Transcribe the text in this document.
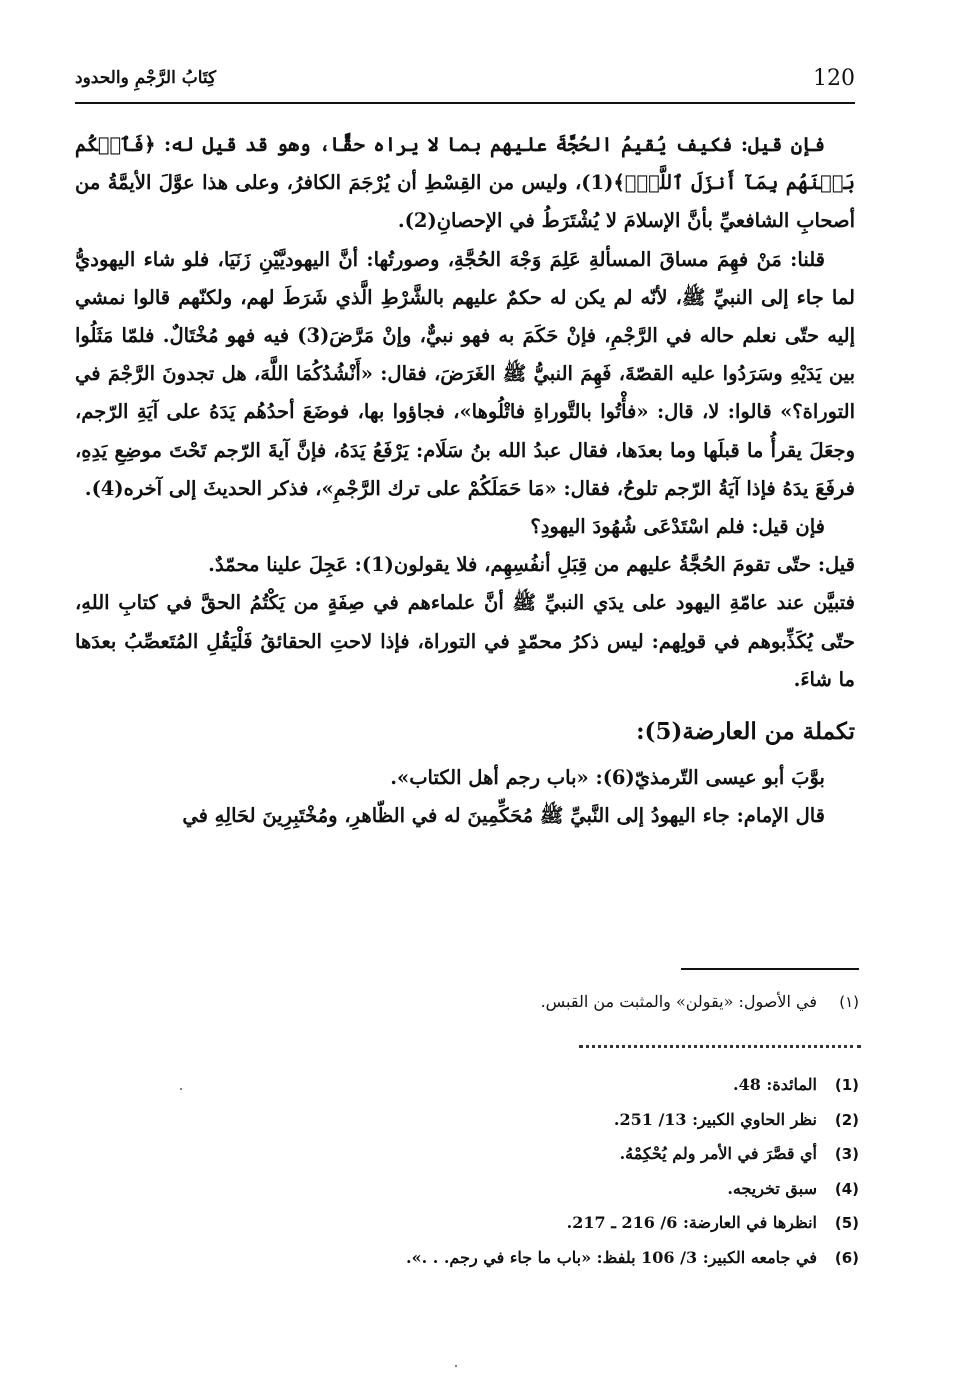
120
كِتَابُ الرَّجْمِ والحدود

فإن قيل: فكيف يُقيمُ الحُجَّةَ عليهم بما لا يراه حقًّا، وهو قد قيل له: ﴿فَٱحۡكُم بَيۡنَهُم بِمَآ أَنزَلَ ٱللَّهُۖ﴾(1)، وليس من القِسْطِ أن يُرْجَمَ الكافرُ، وعلى هذا عوَّلَ الأيمَّةُ من أصحابِ الشافعيِّ بأنَّ الإسلامَ لا يُشْتَرَطُ في الإحصانِ(2).

قلنا: مَنْ فهِمَ مساقَ المسألةِ عَلِمَ وَجْهَ الحُجَّةِ، وصورتُها: أنَّ اليهوديَّيْنِ زَنَيَا، فلو شاء اليهوديُّ لما جاء إلى النبيِّ ﷺ، لأنّه لم يكن له حكمٌ عليهم بالشَّرْطِ الَّذي شَرَطَ لهم، ولكنّهم قالوا نمشي إليه حتّى نعلم حاله في الرَّجْمِ، فإنْ حَكَمَ به فهو نبيٌّ، وإنْ مَرَّضَ(3) فيه فهو مُخْتَالٌ. فلمّا مَثَلُوا بين يَدَيْهِ وسَرَدُوا عليه القصّةَ، فَهِمَ النبيُّ ﷺ الغَرَضَ، فقال: «أَنْشُدُكُمَا اللَّهَ، هل تجدونَ الرَّجْمَ في التوراة؟» قالوا: لا، قال: «فأْتُوا بالتَّوراةِ فاتْلُوها»، فجاؤوا بها، فوضَعَ أحدُهُم يَدَهُ على آيَةِ الرّجم، وجعَلَ يقرأُ ما قبلَها وما بعدَها، فقال عبدُ الله بنُ سَلَام: يَرْفَعُ يَدَهُ، فإنَّ آيةَ الرّجم تَحْتَ موضِعِ يَدِهِ، فرفَعَ يدَهُ فإذا آيَةُ الرّجم تلوحُ، فقال: «مَا حَمَلَكُمْ على ترك الرَّجْمِ»، فذكر الحديثَ إلى آخره(4).

فإن قيل: فلم اسْتَدْعَى شُهُودَ اليهودِ؟

قيل: حتّى تقومَ الحُجَّةُ عليهم من قِبَلِ أنفُسِهِم، فلا يقولون(1): عَجِلَ علينا محمّدٌ.

فتبيَّن عند عامّةِ اليهود على يدَي النبيِّ ﷺ أنَّ علماءهم في صِفَةٍ من يَكْتُمُ الحقَّ في كتابِ اللهِ، حتّى يُكَذِّبوهم في قولِهم: ليس ذكرُ محمّدٍ في التوراة، فإذا لاحتِ الحقائقُ فَلْيَقُلِ المُتَعصِّبُ بعدَها ما شاءَ.

تكملة من العارضة(5):

بوَّبَ أبو عيسى التّرمذيّ(6): «باب رجم أهل الكتاب».

قال الإمام: جاء اليهودُ إلى النَّبيِّ ﷺ مُحَكِّمِينَ له في الظّاهرِ، ومُخْتَبِرِينَ لحَالِهِ في

(١)
في الأصول: «يقولن» والمثبت من القبس.
(1)
المائدة: 48.
(2)
نظر الحاوي الكبير: 13/ 251.
(3)
أي قصَّرَ في الأمر ولم يُحْكِمْهُ.
(4)
سبق تخريجه.
(5)
انظرها في العارضة: 6/ 216 ـ 217.
(6)
في جامعه الكبير: 3/ 106 بلفظ: «باب ما جاء في رجم. . .».
